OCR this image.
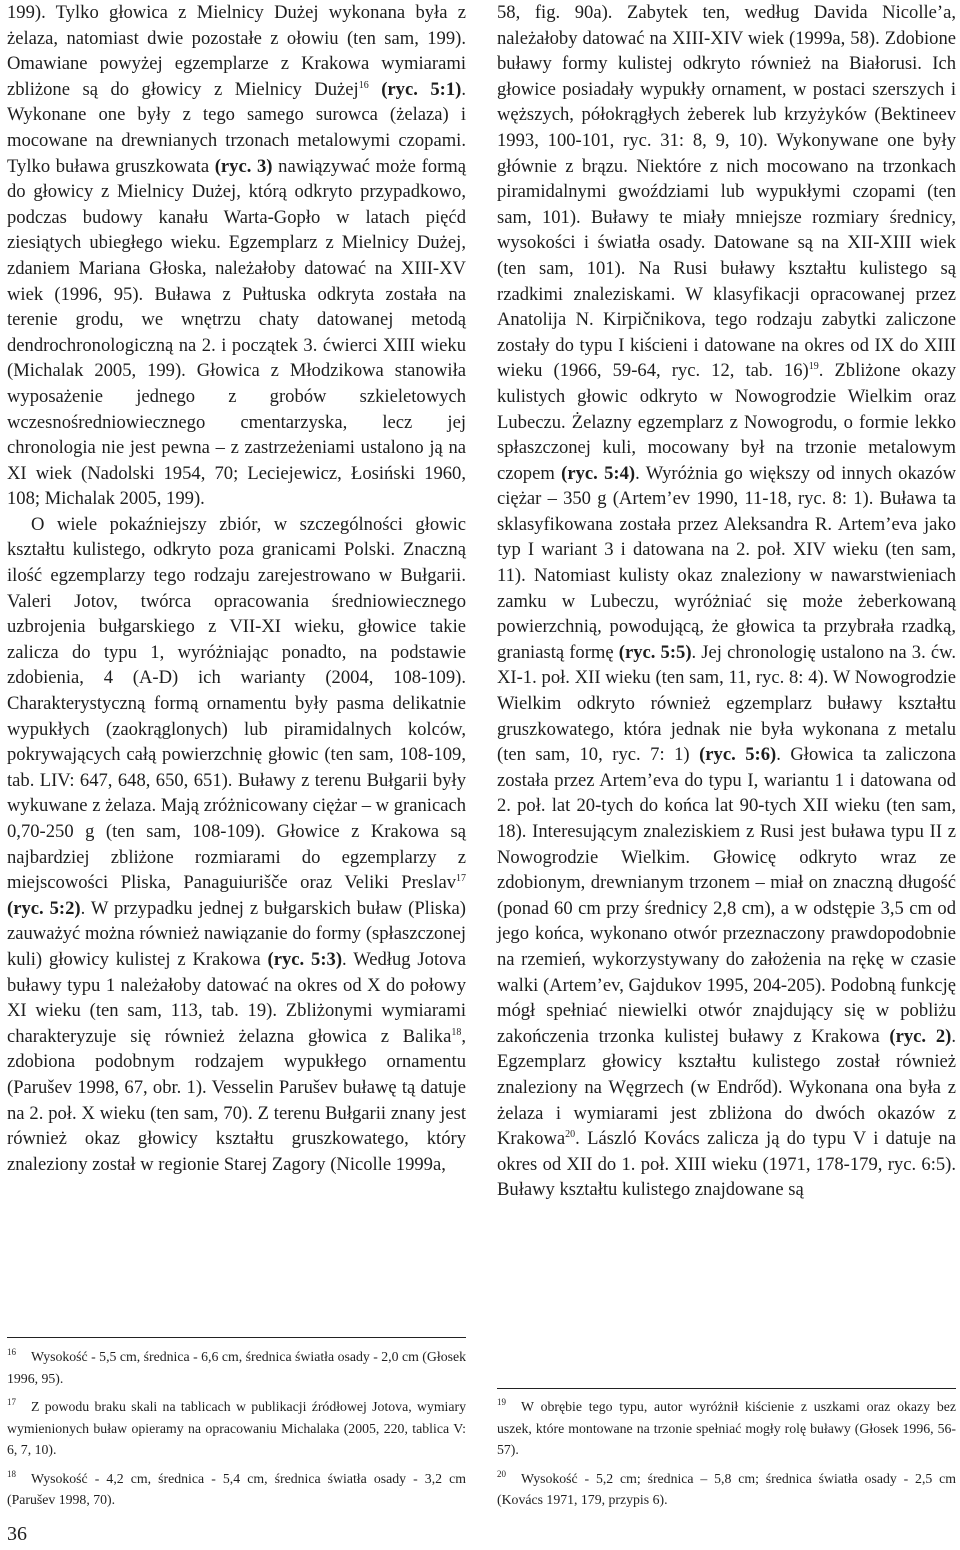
199). Tylko głowica z Mielnicy Dużej wykonana była z żelaza, natomiast dwie pozostałe z ołowiu (ten sam, 199). Omawiane powyżej egzemplarze z Krakowa wymiarami zbliżone są do głowicy z Mielnicy Dużej$^{16}$ (ryc. 5:1). Wykonane one były z tego samego surowca (żelaza) i mocowane na drewnianych trzonach metalowymi czopami. Tylko buława gruszkowata (ryc. 3) nawiązywać może formą do głowicy z Mielnicy Dużej, którą odkryto przypadkowo, podczas budowy kanału Warta-Gopło w latach pięćd ziesiątych ubiegłego wieku. Egzemplarz z Mielnicy Dużej, zdaniem Mariana Głoska, należałoby datować na XIII-XV wiek (1996, 95). Buława z Pułtuska odkryta została na terenie grodu, we wnętrzu chaty datowanej metodą dendrochronologiczną na 2. i początek 3. ćwierci XIII wieku (Michalak 2005, 199). Głowica z Młodzikowa stanowiła wyposażenie jednego z grobów szkieletowych wczesnośredniowiecznego cmentarzyska, lecz jej chronologia nie jest pewna – z zastrzeżeniami ustalono ją na XI wiek (Nadolski 1954, 70; Leciejewicz, Łosiński 1960, 108; Michalak 2005, 199).

O wiele pokaźniejszy zbiór, w szczególności głowic kształtu kulistego, odkryto poza granicami Polski. Znaczną ilość egzemplarzy tego rodzaju zarejestrowano w Bułgarii. Valeri Jotov, twórca opracowania średniowiecznego uzbrojenia bułgarskiego z VII-XI wieku, głowice takie zalicza do typu 1, wyróżniając ponadto, na podstawie zdobienia, 4 (A-D) ich warianty (2004, 108-109). Charakterystyczną formą ornamentu były pasma delikatnie wypukłych (zaokrąglonych) lub piramidalnych kolców, pokrywających całą powierzchnię głowic (ten sam, 108-109, tab. LIV: 647, 648, 650, 651). Buławy z terenu Bułgarii były wykuwane z żelaza. Mają zróżnicowany ciężar – w granicach 0,70-250 g (ten sam, 108-109). Głowice z Krakowa są najbardziej zbliżone rozmiarami do egzemplarzy z miejscowości Pliska, Panaguiurišče oraz Veliki Preslav$^{17}$ (ryc. 5:2). W przypadku jednej z bułgarskich buław (Pliska) zauważyć można również nawiązanie do formy (spłaszczonej kuli) głowicy kulistej z Krakowa (ryc. 5:3). Według Jotova buławy typu 1 należałoby datować na okres od X do połowy XI wieku (ten sam, 113, tab. 19). Zbliżonymi wymiarami charakteryzuje się również żelazna głowica z Balika$^{18}$, zdobiona podobnym rodzajem wypukłego ornamentu (Parušev 1998, 67, obr. 1). Vesselin Parušev buławę tą datuje na 2. poł. X wieku (ten sam, 70). Z terenu Bułgarii znany jest również okaz głowicy kształtu gruszkowatego, który znaleziony został w regionie Starej Zagory (Nicolle 1999a,

$^{16}$ Wysokość - 5,5 cm, średnica - 6,6 cm, średnica światła osady - 2,0 cm (Głosek 1996, 95).

$^{17}$ Z powodu braku skali na tablicach w publikacji źródłowej Jotova, wymiary wymienionych buław opieramy na opracowaniu Michalaka (2005, 220, tablica V: 6, 7, 10).

$^{18}$ Wysokość - 4,2 cm, średnica - 5,4 cm, średnica światła osady - 3,2 cm (Parušev 1998, 70).

58, fig. 90a). Zabytek ten, według Davida Nicolle’a, należałoby datować na XIII-XIV wiek (1999a, 58). Zdobione buławy formy kulistej odkryto również na Białorusi. Ich głowice posiadały wypukły ornament, w postaci szerszych i węższych, półokrągłych żeberek lub krzyżyków (Bektineev 1993, 100-101, ryc. 31: 8, 9, 10). Wykonywane one były głównie z brązu. Niektóre z nich mocowano na trzonkach piramidalnymi gwoździami lub wypukłymi czopami (ten sam, 101). Buławy te miały mniejsze rozmiary średnicy, wysokości i światła osady. Datowane są na XII-XIII wiek (ten sam, 101). Na Rusi buławy kształtu kulistego są rzadkimi znaleziskami. W klasyfikacji opracowanej przez Anatolija N. Kirpičnikova, tego rodzaju zabytki zaliczone zostały do typu I kiścieni i datowane na okres od IX do XIII wieku (1966, 59-64, ryc. 12, tab. 16)$^{19}$. Zbliżone okazy kulistych głowic odkryto w Nowogrodzie Wielkim oraz Lubeczu. Żelazny egzemplarz z Nowogrodu, o formie lekko spłaszczonej kuli, mocowany był na trzonie metalowym czopem (ryc. 5:4). Wyróżnia go większy od innych okazów ciężar – 350 g (Artem’ev 1990, 11-18, ryc. 8: 1). Buława ta sklasyfikowana została przez Aleksandra R. Artem’eva jako typ I wariant 3 i datowana na 2. poł. XIV wieku (ten sam, 11). Natomiast kulisty okaz znaleziony w nawarstwieniach zamku w Lubeczu, wyróżniać się może żeberkowaną powierzchnią, powodującą, że głowica ta przybrała rzadką, graniastą formę (ryc. 5:5). Jej chronologię ustalono na 3. ćw. XI-1. poł. XII wieku (ten sam, 11, ryc. 8: 4). W Nowogrodzie Wielkim odkryto również egzemplarz buławy kształtu gruszkowatego, która jednak nie była wykonana z metalu (ten sam, 10, ryc. 7: 1) (ryc. 5:6). Głowica ta zaliczona została przez Artem’eva do typu I, wariantu 1 i datowana od 2. poł. lat 20-tych do końca lat 90-tych XII wieku (ten sam, 18). Interesującym znaleziskiem z Rusi jest buława typu II z Nowogrodzie Wielkim. Głowicę odkryto wraz ze zdobionym, drewnianym trzonem – miał on znaczną długość (ponad 60 cm przy średnicy 2,8 cm), a w odstępie 3,5 cm od jego końca, wykonano otwór przeznaczony prawdopodobnie na rzemień, wykorzystywany do założenia na rękę w czasie walki (Artem’ev, Gajdukov 1995, 204-205). Podobną funkcję mógł spełniać niewielki otwór znajdujący się w pobliżu zakończenia trzonka kulistej buławy z Krakowa (ryc. 2). Egzemplarz głowicy kształtu kulistego został również znaleziony na Węgrzech (w Endrőd). Wykonana ona była z żelaza i wymiarami jest zbliżona do dwóch okazów z Krakowa$^{20}$. László Kovács zalicza ją do typu V i datuje na okres od XII do 1. poł. XIII wieku (1971, 178-179, ryc. 6:5). Buławy kształtu kulistego znajdowane są

$^{19}$ W obrębie tego typu, autor wyróżnił kiścienie z uszkami oraz okazy bez uszek, które montowane na trzonie spełniać mogły rolę buławy (Głosek 1996, 56-57).

$^{20}$ Wysokość - 5,2 cm; średnica – 5,8 cm; średnica światła osady - 2,5 cm (Kovács 1971, 179, przypis 6).

36
